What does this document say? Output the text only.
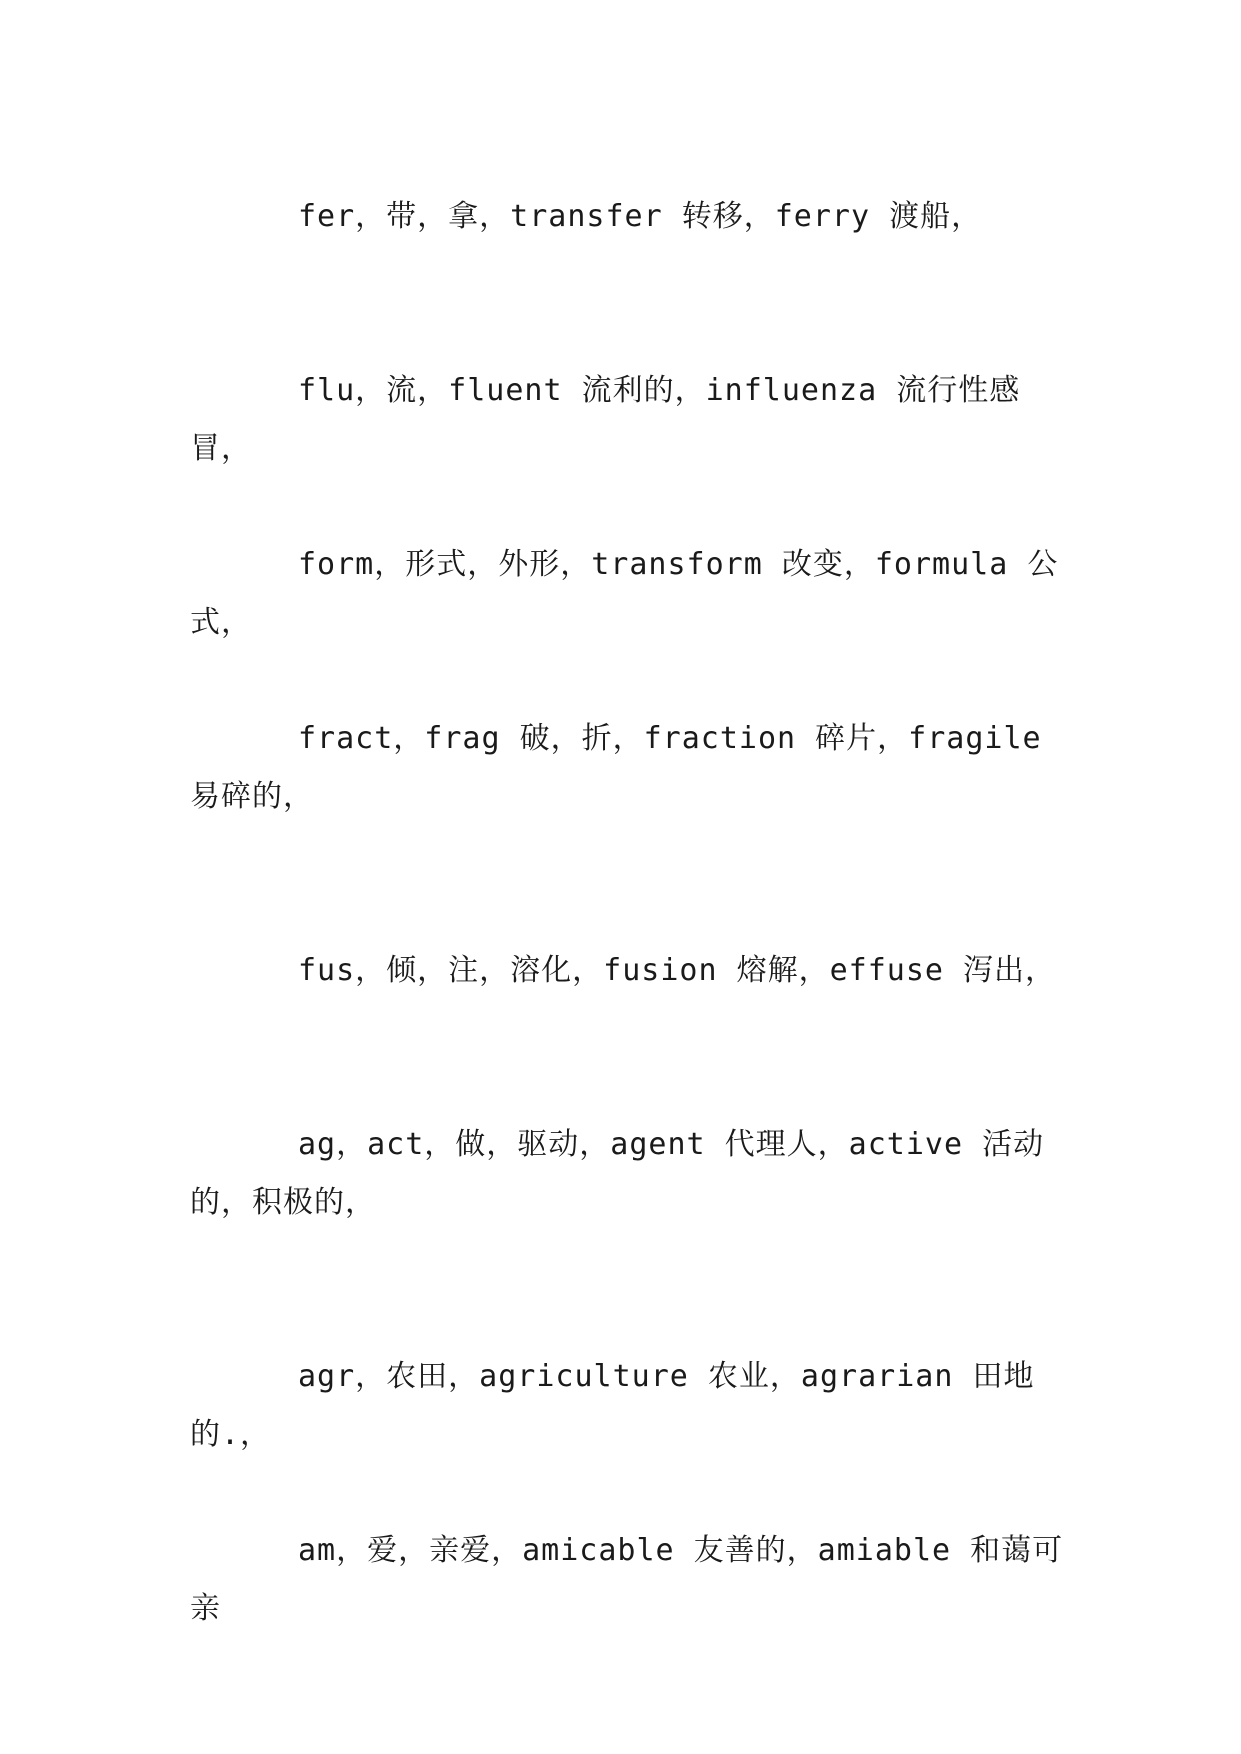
fer，带，拿，transfer 转移，ferry 渡船，

flu，流，fluent 流利的，influenza 流行性感冒，

form，形式，外形，transform 改变，formula 公式，

fract，frag 破，折，fraction 碎片，fragile 易碎的，

fus，倾，注，溶化，fusion 熔解，effuse 泻出，

ag，act，做，驱动，agent 代理人，active 活动的，积极的，

agr，农田，agriculture 农业，agrarian 田地的.，

am，爱，亲爱，amicable 友善的，amiable 和蔼可亲
